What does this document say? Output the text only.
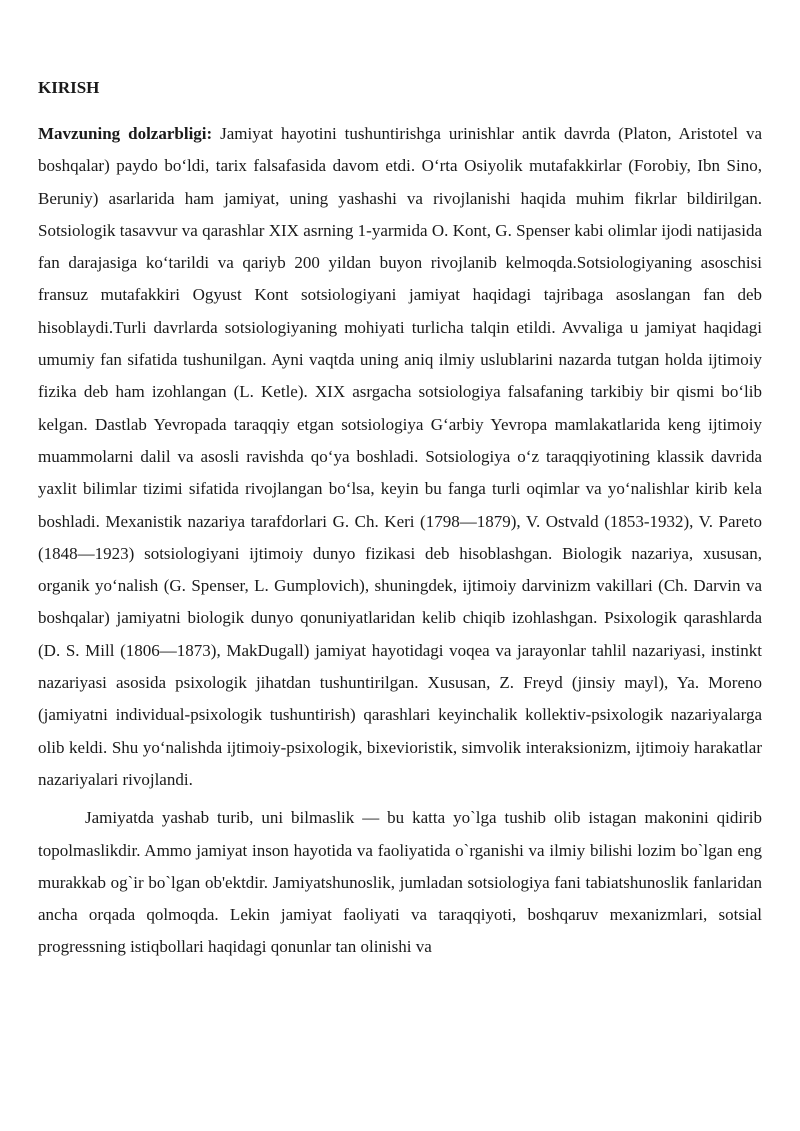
KIRISH

Mavzuning dolzarbligi: Jamiyat hayotini tushuntirishga urinishlar antik davrda (Platon, Aristotel va boshqalar) paydo bo‘ldi, tarix falsafasida davom etdi. O‘rta Osiyolik mutafakkirlar (Forobiy, Ibn Sino, Beruniy) asarlarida ham jamiyat, uning yashashi va rivojlanishi haqida muhim fikrlar bildirilgan. Sotsiologik tasavvur va qarashlar XIX asrning 1-yarmida O. Kont, G. Spenser kabi olimlar ijodi natijasida fan darajasiga ko‘tarildi va qariyb 200 yildan buyon rivojlanib kelmoqda.Sotsiologiyaning asoschisi fransuz mutafakkiri Ogyust Kont sotsiologiyani jamiyat haqidagi tajribaga asoslangan fan deb hisoblaydi.Turli davrlarda sotsiologiyaning mohiyati turlicha talqin etildi. Avvaliga u jamiyat haqidagi umumiy fan sifatida tushunilgan. Ayni vaqtda uning aniq ilmiy uslublarini nazarda tutgan holda ijtimoiy fizika deb ham izohlangan (L. Ketle). XIX asrgacha sotsiologiya falsafaning tarkibiy bir qismi bo‘lib kelgan. Dastlab Yevropada taraqqiy etgan sotsiologiya G‘arbiy Yevropa mamlakatlarida keng ijtimoiy muammolarni dalil va asosli ravishda qo‘ya boshladi. Sotsiologiya o‘z taraqqiyotining klassik davrida yaxlit bilimlar tizimi sifatida rivojlangan bo‘lsa, keyin bu fanga turli oqimlar va yo‘nalishlar kirib kela boshladi. Mexanistik nazariya tarafdorlari G. Ch. Keri (1798—1879), V. Ostvald (1853-1932), V. Pareto (1848—1923) sotsiologiyani ijtimoiy dunyo fizikasi deb hisoblashgan. Biologik nazariya, xususan, organik yo‘nalish (G. Spenser, L. Gumplovich), shuningdek, ijtimoiy darvinizm vakillari (Ch. Darvin va boshqalar) jamiyatni biologik dunyo qonuniyatlaridan kelib chiqib izohlashgan. Psixologik qarashlarda (D. S. Mill (1806—1873), MakDugall) jamiyat hayotidagi voqea va jarayonlar tahlil nazariyasi, instinkt nazariyasi asosida psixologik jihatdan tushuntirilgan. Xususan, Z. Freyd (jinsiy mayl), Ya. Moreno (jamiyatni individual-psixologik tushuntirish) qarashlari keyinchalik kollektiv-psixologik nazariyalarga olib keldi. Shu yo‘nalishda ijtimoiy-psixologik, bixevioristik, simvolik interaksionizm, ijtimoiy harakatlar nazariyalari rivojlandi.

Jamiyatda yashab turib, uni bilmaslik — bu katta yo`lga tushib olib istagan makonini qidirib topolmaslikdir. Ammo jamiyat inson hayotida va faoliyatida o`rganishi va ilmiy bilishi lozim bo`lgan eng murakkab og`ir bo`lgan ob'ektdir. Jamiyatshunoslik, jumladan sotsiologiya fani tabiatshunoslik fanlaridan ancha orqada qolmoqda. Lekin jamiyat faoliyati va taraqqiyoti, boshqaruv mexanizmlari, sotsial progressning istiqbollari haqidagi qonunlar tan olinishi va
